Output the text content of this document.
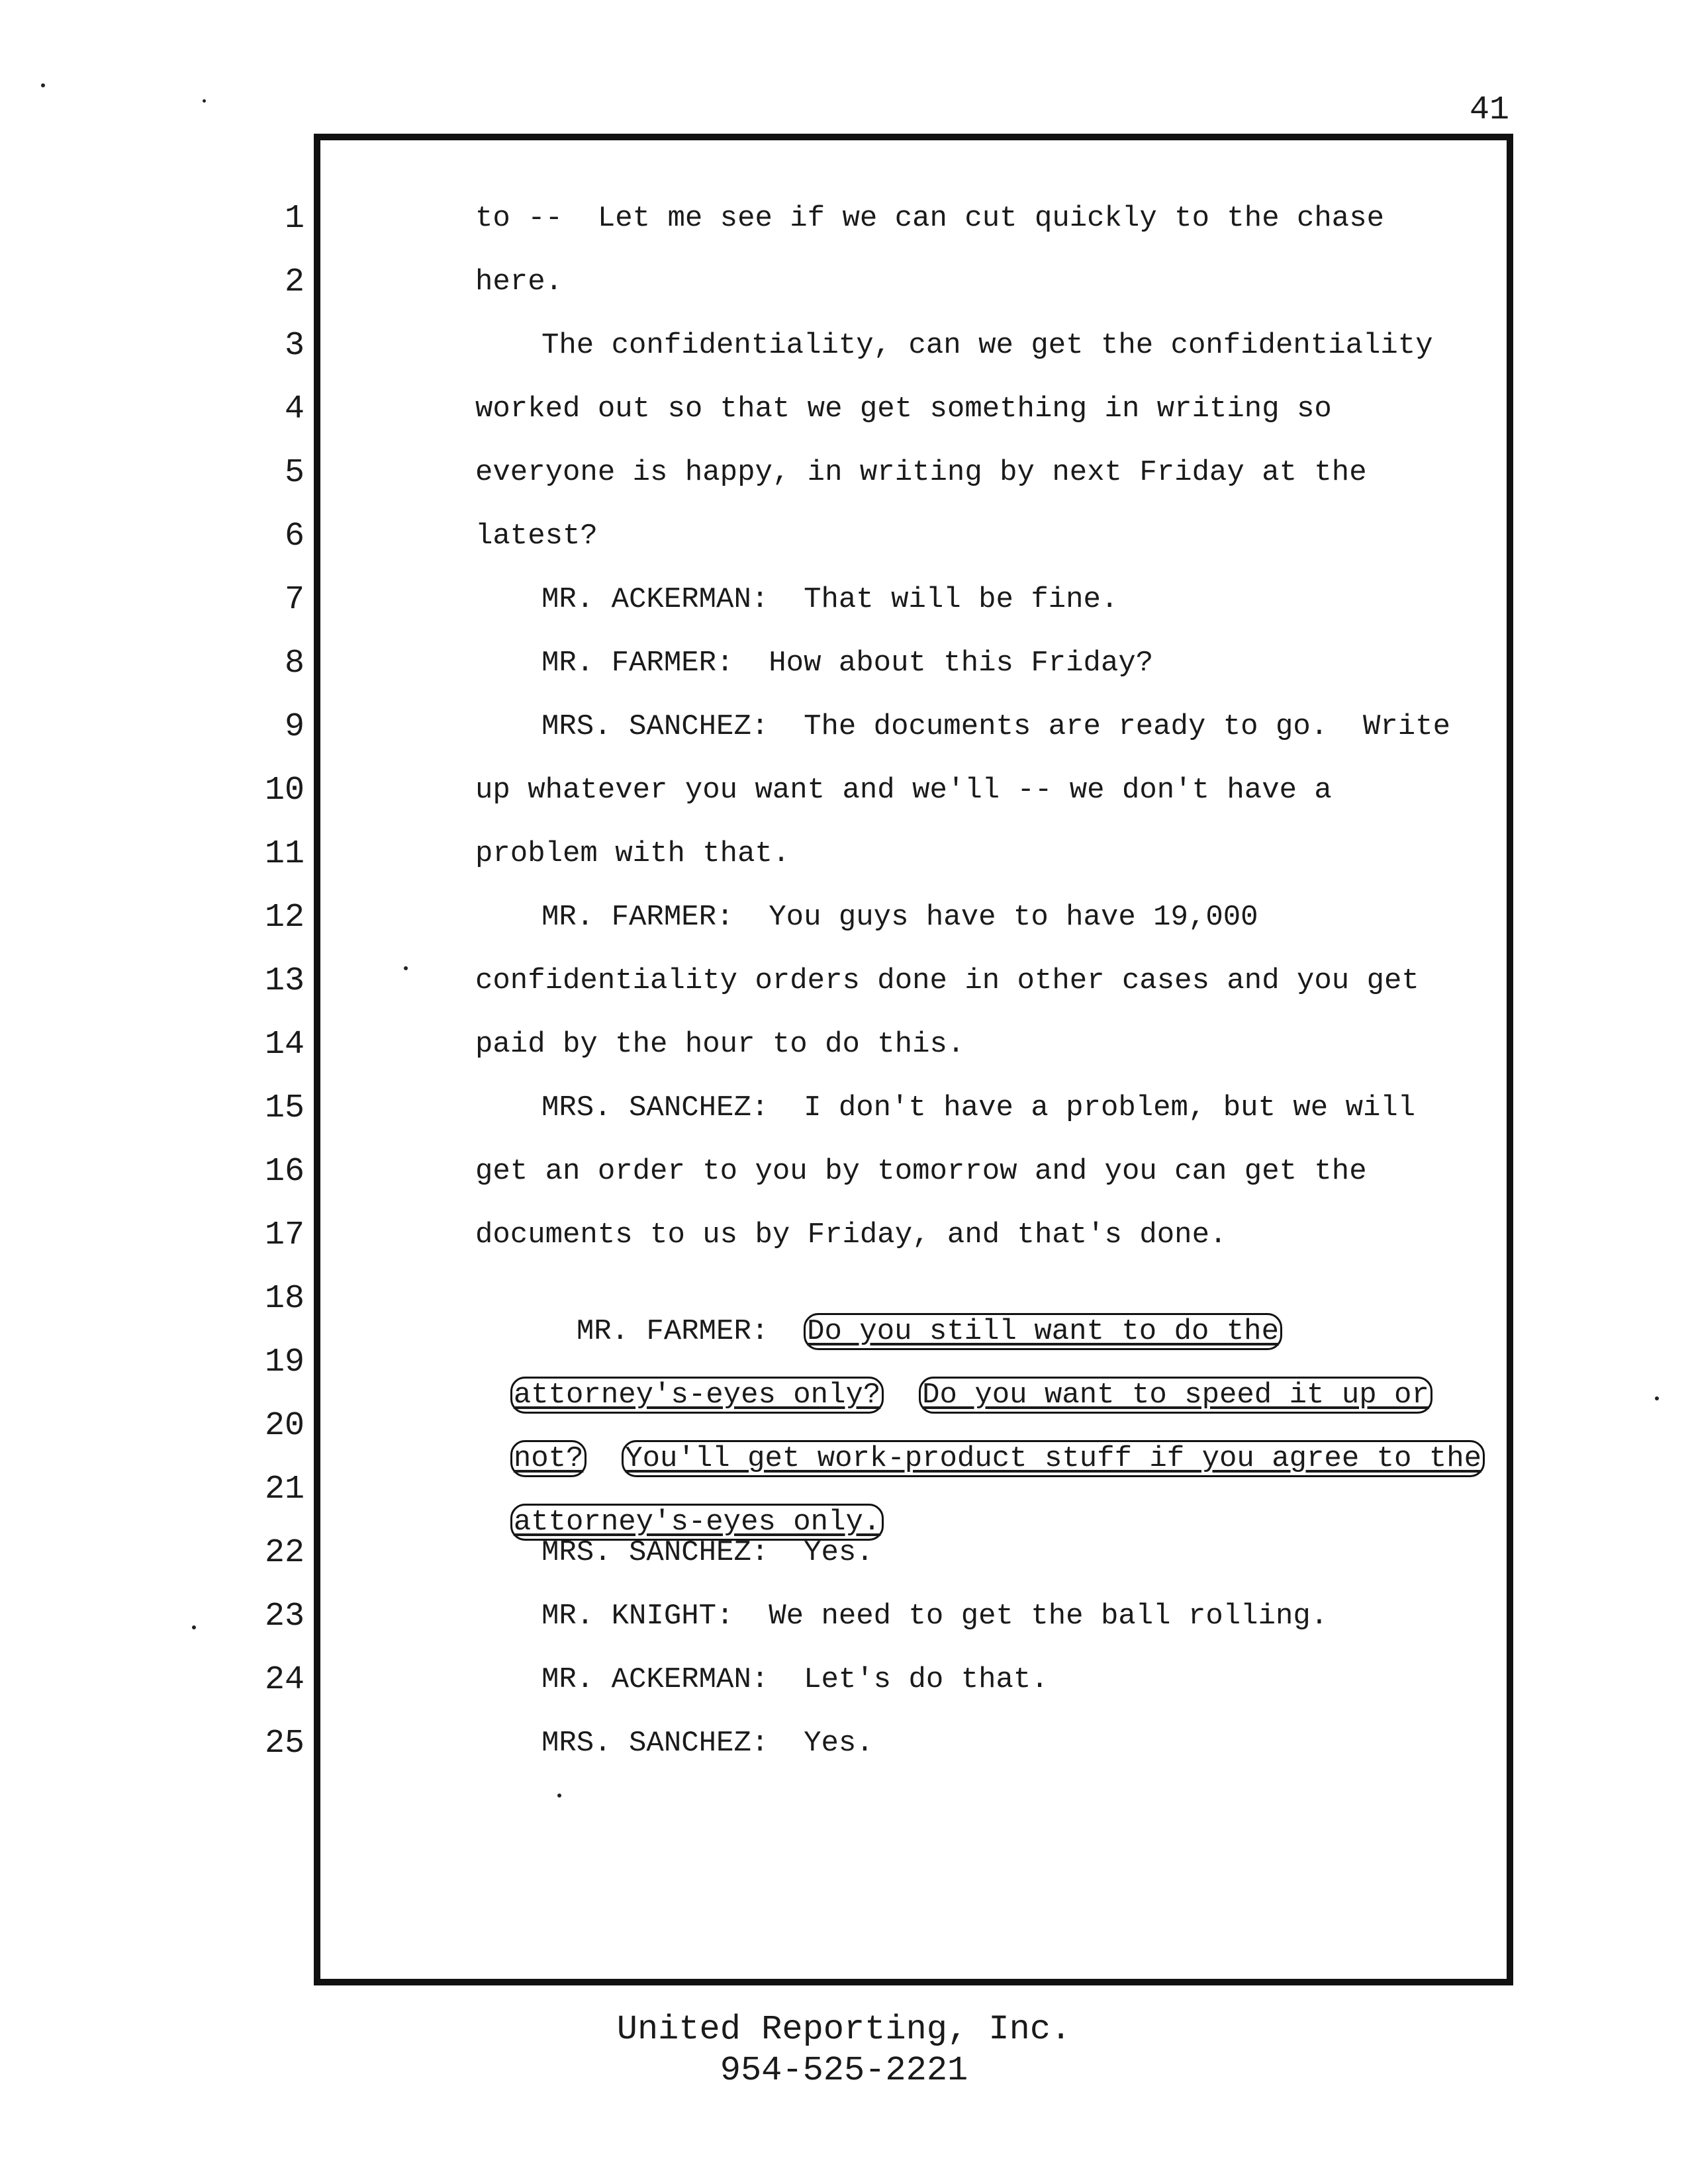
41
1
2
3
4
5
6
7
8
9
10
11
12
13
14
15
16
17
18
19
20
21
22
23
24
25
to --  Let me see if we can cut quickly to the chase
here.
The confidentiality, can we get the confidentiality
worked out so that we get something in writing so
everyone is happy, in writing by next Friday at the
latest?
MR. ACKERMAN:  That will be fine.
MR. FARMER:  How about this Friday?
MRS. SANCHEZ:  The documents are ready to go.  Write
up whatever you want and we'll -- we don't have a
problem with that.
MR. FARMER:  You guys have to have 19,000
confidentiality orders done in other cases and you get
paid by the hour to do this.
MRS. SANCHEZ:  I don't have a problem, but we will
get an order to you by tomorrow and you can get the
documents to us by Friday, and that's done.

MR. FARMER:  Do you still want to do the

attorney's-eyes only? Do you want to speed it up or

not? You'll get work-product stuff if you agree to the

attorney's-eyes only.

MRS. SANCHEZ:  Yes.
MR. KNIGHT:  We need to get the ball rolling.
MR. ACKERMAN:  Let's do that.
MRS. SANCHEZ:  Yes.
United Reporting, Inc.
954-525-2221
